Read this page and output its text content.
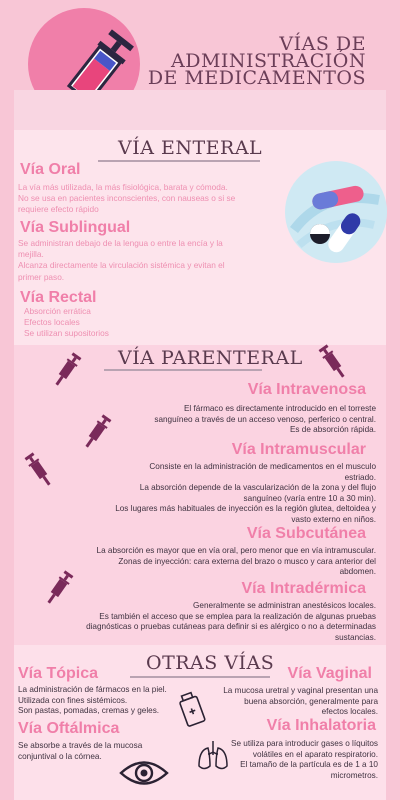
VÍAS DE
ADMINISTRACIÓN
DE MEDICAMENTOS
VÍA ENTERAL
Vía Oral
La vía más utilizada, la más fisiológica, barata y cómoda.
No se usa en pacientes inconscientes, con nauseas o si se
requiere efecto rápido
Vía Sublingual
Se administran debajo de la lengua o entre la encía y la
mejilla.
Alcanza directamente la virculación sistémica y evitan el
primer paso.
Vía Rectal
Absorción errática
Efectos locales
Se utilizan supositorios
VÍA PARENTERAL
Vía Intravenosa
El fármaco es directamente introducido en el torreste
sanguíneo a través de un acceso venoso, perferico o central.
Es de absorción rápida.
Vía Intramuscular
Consiste en la administración de medicamentos en el musculo
estriado.
La absorción depende de la vascularización de la zona y del flujo
sanguíneo (varía entre 10 a 30 min).
Los lugares más habituales de inyección es la región glutea, deltoidea y
vasto externo en niños.
Vía Subcutánea
La absorción es mayor que en vía oral, pero menor que en vía intramuscular.
Zonas de inyección: cara externa del brazo o musco y cara anterior del
abdomen.
Vía Intradérmica
Generalmente se administran anestésicos locales.
Es también el acceso que se emplea para la realización de algunas pruebas
diagnósticas o pruebas cutáneas para definir si es alérgico o no a determinadas
sustancias.
OTRAS VÍAS
Vía Tópica
La administración de fármacos en la piel.
Utilizada con fines sistémicos.
Son pastas, pomadas, cremas y geles.
Vía Oftálmica
Se absorbe a través de la mucosa
conjuntival o la córnea.
Vía Vaginal
La mucosa uretral y vaginal presentan una
buena absorción, generalmente para
efectos locales.
Vía Inhalatoria
Se utiliza para introducir gases o líquitos
volátiles en el aparato respiratorio.
El tamaño de la partícula es de 1 a 10
micrometros.
